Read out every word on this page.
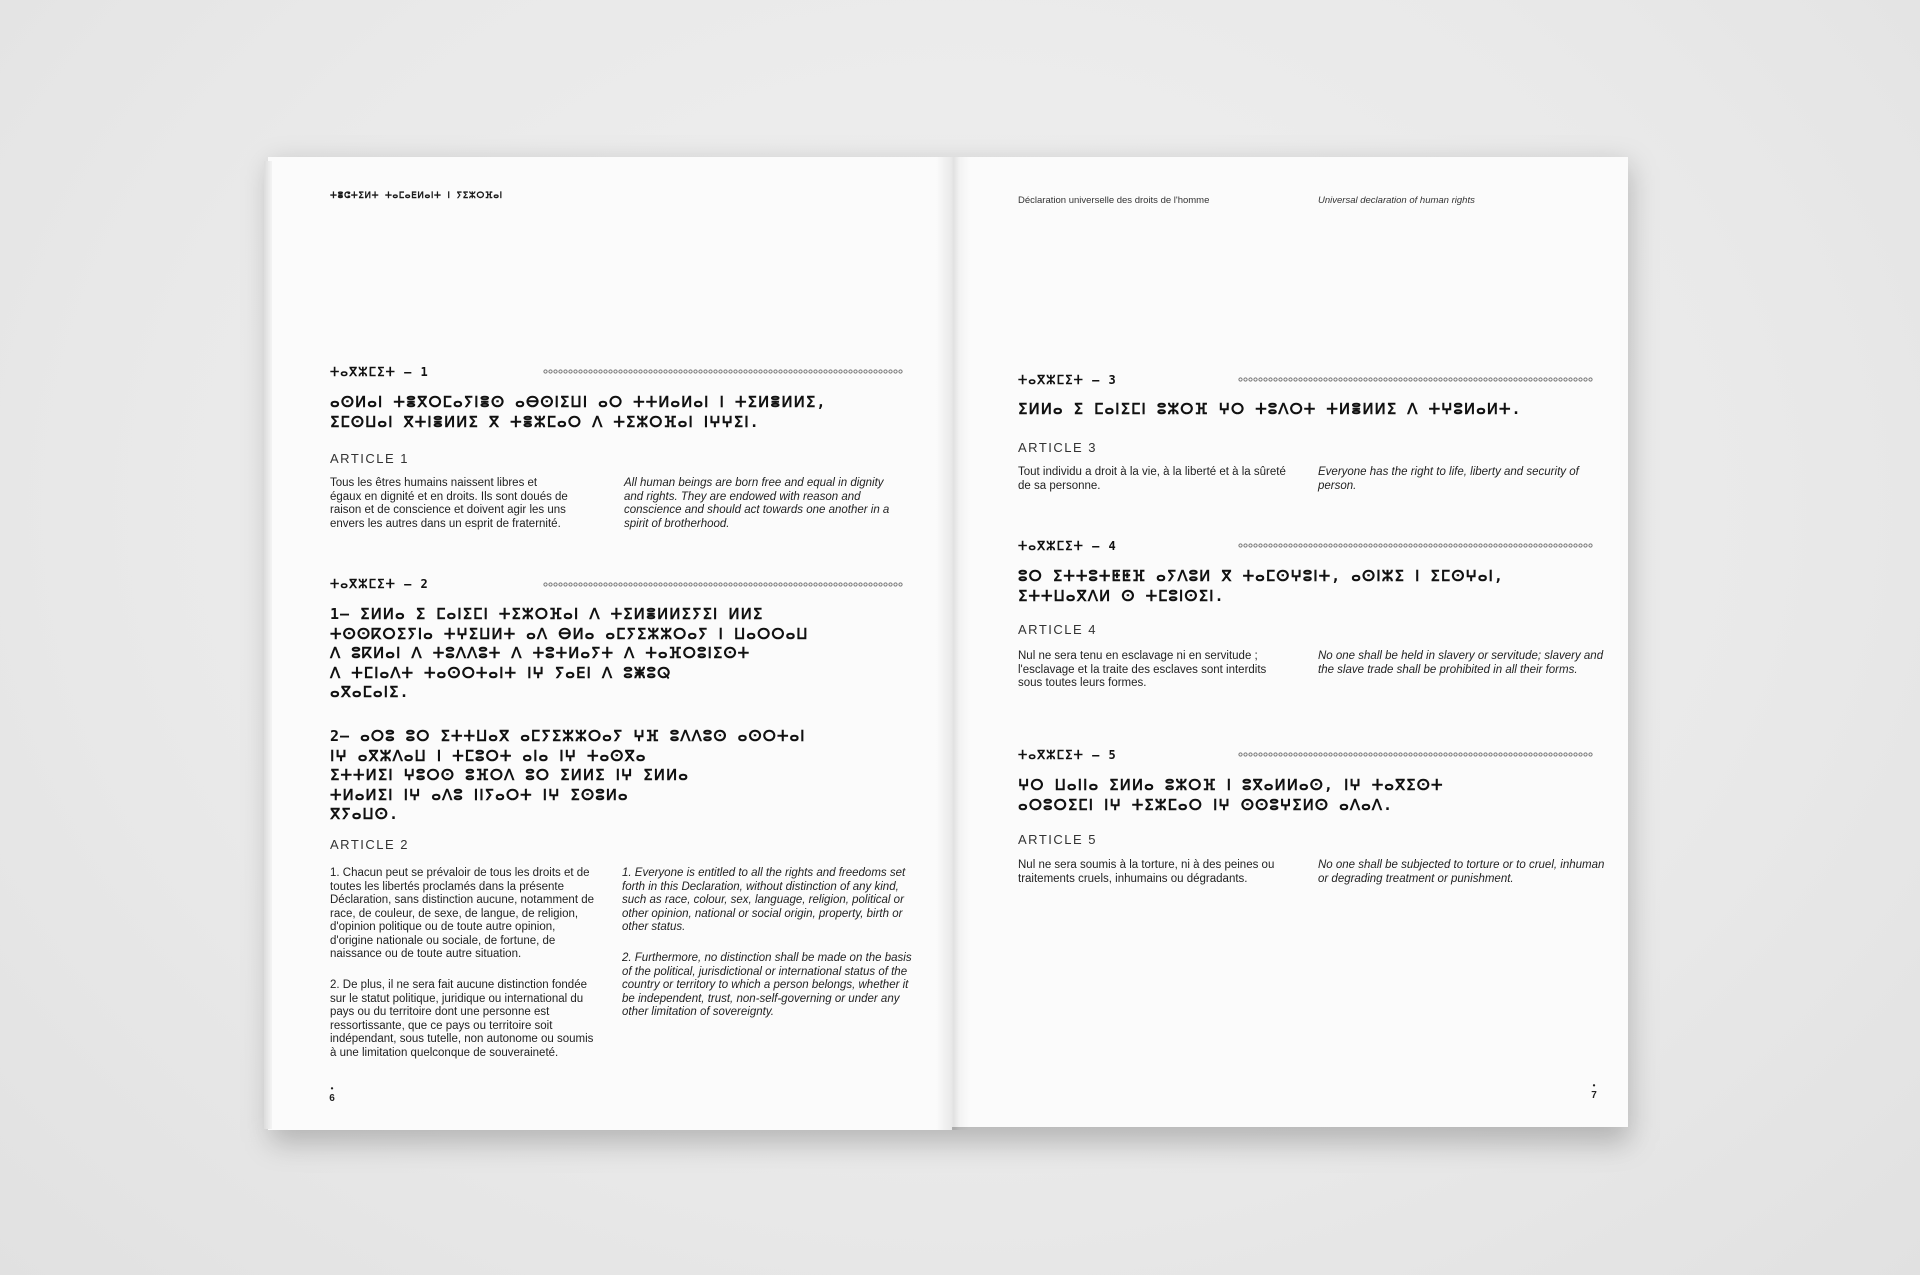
ⵜⴻⵛⵜⵉⵍⵜ ⵜⴰⵎⴰⴹⵍⴰⵏⵜ ⵏ ⵢⵉⵣⵔⴼⴰⵏ
ⵜⴰⴳⵣⵎⵉⵜ – 1
ⴰⵙⵍⴰⵏ ⵜⴻⴳⵔⵎⴰⵢⵏⴻⵙ ⴰⴱⵙⵏⵉⵡⵏ ⴰⵔ ⵜⵜⵍⴰⵍⴰⵏ ⵏ ⵜⵉⵍⴻⵍⵍⵉ,
ⵉⵎⵙⵡⴰⵏ ⴳⵜⵏⴻⵍⵍⵉ ⴳ ⵜⴻⵣⵎⴰⵔ ⴷ ⵜⵉⵣⵔⴼⴰⵏ ⵏⵖⵖⵉⵏ.
ARTICLE 1
Tous les êtres humains naissent libres et égaux en dignité et en droits. Ils sont doués de raison et de conscience et doivent agir les uns envers les autres dans un esprit de fraternité.
All human beings are born free and equal in dignity and rights. They are endowed with reason and conscience and should act towards one another in a spirit of brotherhood.
ⵜⴰⴳⵣⵎⵉⵜ – 2
1– ⵉⵍⵍⴰ ⵉ ⵎⴰⵏⵉⵎⵏ ⵜⵉⵣⵔⴼⴰⵏ ⴷ ⵜⵉⵍⴻⵍⵍⵉⵢⵉⵏ ⵍⵍⵉ
ⵜⵙⵙⴽⵔⵉⵢⵏⴰ ⵜⵖⵉⵡⵍⵜ ⴰⴷ ⴱⵍⴰ ⴰⵎⵢⵉⵣⵣⵔⴰⵢ ⵏ ⵡⴰⵔⵔⴰⵡ
ⴷ ⵓⴽⵍⴰⵏ ⴷ ⵜⵓⴷⴷⵓⵜ ⴷ ⵜⵓⵜⵍⴰⵢⵜ ⴷ ⵜⴰⴼⵔⵓⵏⵉⵙⵜ
ⴷ ⵜⵎⵏⴰⴷⵜ ⵜⴰⵙⵔⵜⴰⵏⵜ ⵏⵖ ⵢⴰⴹⵏ ⴷ ⵓⵥⵓⵕ
ⴰⴳⴰⵎⴰⵏⵉ.
2– ⴰⵔⵓ ⵓⵔ ⵉⵜⵜⵡⴰⴳ ⴰⵎⵢⵉⵣⵣⵔⴰⵢ ⵖⴼ ⵓⴷⴷⵓⵙ ⴰⵙⵔⵜⴰⵏ
ⵏⵖ ⴰⴳⵣⴷⴰⵡ ⵏ ⵜⵎⵓⵔⵜ ⴰⵏⴰ ⵏⵖ ⵜⴰⵙⴳⴰ
ⵉⵜⵜⵍⵉⵏ ⵖⵓⵔⵙ ⵓⴼⵔⴷ ⵓⵔ ⵉⵍⵍⵉ ⵏⵖ ⵉⵍⵍⴰ
ⵜⵍⴰⵍⵉⵏ ⵏⵖ ⴰⴷⵓ ⵏⵏⵢⴰⵔⵜ ⵏⵖ ⵉⵙⵓⵍⴰ
ⴳⵢⴰⵡⵙ.
ARTICLE 2
1. Chacun peut se prévaloir de tous les droits et de toutes les libertés proclamés dans la présente Déclaration, sans distinction aucune, notamment de race, de couleur, de sexe, de langue, de religion, d'opinion politique ou de toute autre opinion, d'origine nationale ou sociale, de fortune, de naissance ou de toute autre situation.
2. De plus, il ne sera fait aucune distinction fondée sur le statut politique, juridique ou international du pays ou du territoire dont une personne est ressortissante, que ce pays ou territoire soit indépendant, sous tutelle, non autonome ou soumis à une limitation quelconque de souveraineté.
1. Everyone is entitled to all the rights and freedoms set forth in this Declaration, without distinction of any kind, such as race, colour, sex, language, religion, political or other opinion, national or social origin, property, birth or other status.
2. Furthermore, no distinction shall be made on the basis of the political, jurisdictional or international status of the country or territory to which a person belongs, whether it be independent, trust, non-self-governing or under any other limitation of sovereignty.
• 6
Déclaration universelle des droits de l'homme	Universal declaration of human rights
ⵜⴰⴳⵣⵎⵉⵜ – 3
ⵉⵍⵍⴰ ⵉ ⵎⴰⵏⵉⵎⵏ ⵓⵣⵔⴼ ⵖⵔ ⵜⵓⴷⵔⵜ ⵜⵍⴻⵍⵍⵉ ⴷ ⵜⵖⵓⵍⴰⵍⵜ.
ARTICLE 3
Tout individu a droit à la vie, à la liberté et à la sûreté de sa personne.
Everyone has the right to life, liberty and security of person.
ⵜⴰⴳⵣⵎⵉⵜ – 4
ⵓⵔ ⵉⵜⵜⵓⵜⵟⵟⴼ ⴰⵢⴷⵓⵍ ⴳ ⵜⴰⵎⵙⵖⵓⵏⵜ, ⴰⵙⵏⵣⵉ ⵏ ⵉⵎⵙⵖⴰⵏ,
ⵉⵜⵜⵡⴰⴳⴷⵍ ⵙ ⵜⵎⵓⵏⵙⵉⵏ.
ARTICLE 4
Nul ne sera tenu en esclavage ni en servitude ; l'esclavage et la traite des esclaves sont interdits sous toutes leurs formes.
No one shall be held in slavery or servitude; slavery and the slave trade shall be prohibited in all their forms.
ⵜⴰⴳⵣⵎⵉⵜ – 5
ⵖⵔ ⵡⴰⵏⵏⴰ ⵉⵍⵍⴰ ⵓⵣⵔⴼ ⵏ ⵓⴳⴰⵍⵍⴰⵙ, ⵏⵖ ⵜⴰⴳⵉⵙⵜ
ⴰⵔⵓⵔⵉⵎⵏ ⵏⵖ ⵜⵉⵣⵎⴰⵔ ⵏⵖ ⵙⵙⵓⵖⵉⵍⵙ ⴰⴷⴰⴷ.
ARTICLE 5
Nul ne sera soumis à la torture, ni à des peines ou traitements cruels, inhumains ou dégradants.
No one shall be subjected to torture or to cruel, inhuman or degrading treatment or punishment.
• 7
